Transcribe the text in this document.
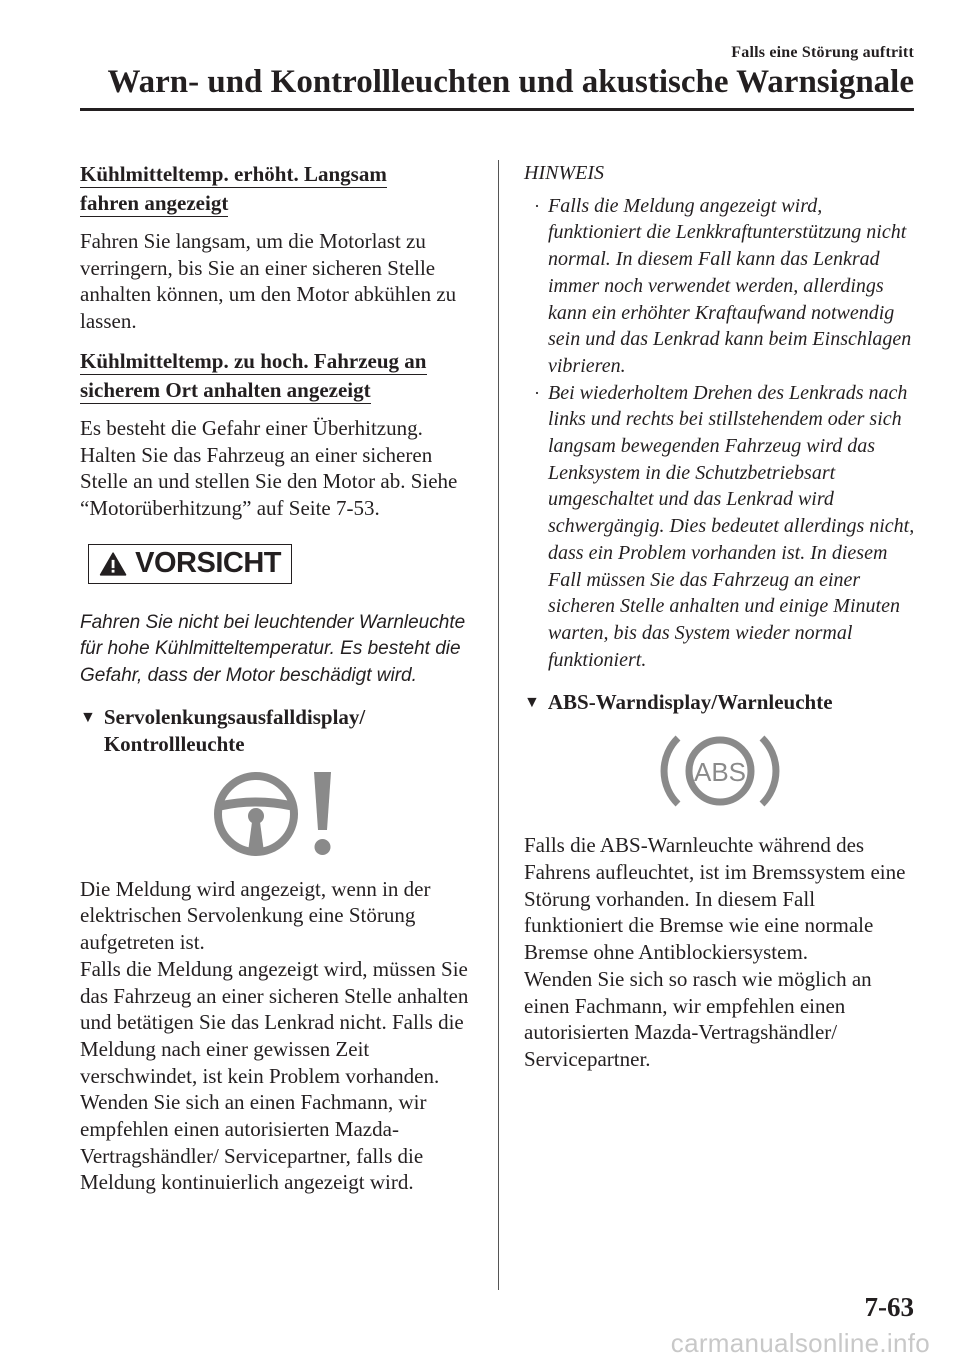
Falls eine Störung auftritt
Warn- und Kontrollleuchten und akustische Warnsignale
Kühlmitteltemp. erhöht. Langsam
fahren angezeigt

Fahren Sie langsam, um die Motorlast zu verringern, bis Sie an einer sicheren Stelle anhalten können, um den Motor abkühlen zu lassen.

Kühlmitteltemp. zu hoch. Fahrzeug an
sicherem Ort anhalten angezeigt

Es besteht die Gefahr einer Überhitzung. Halten Sie das Fahrzeug an einer sicheren Stelle an und stellen Sie den Motor ab. Siehe “Motorüberhitzung” auf Seite 7-53.

VORSICHT

Fahren Sie nicht bei leuchtender Warnleuchte für hohe Kühlmitteltemperatur. Es besteht die Gefahr, dass der Motor beschädigt wird.

▼ Servolenkungsausfalldisplay/
Kontrollleuchte

Die Meldung wird angezeigt, wenn in der elektrischen Servolenkung eine Störung aufgetreten ist.

Falls die Meldung angezeigt wird, müssen Sie das Fahrzeug an einer sicheren Stelle anhalten und betätigen Sie das Lenkrad nicht. Falls die Meldung nach einer gewissen Zeit verschwindet, ist kein Problem vorhanden. Wenden Sie sich an einen Fachmann, wir empfehlen einen autorisierten Mazda-Vertragshändler/ Servicepartner, falls die Meldung kontinuierlich angezeigt wird.

HINWEIS
· Falls die Meldung angezeigt wird, funktioniert die Lenkkraftunterstützung nicht normal. In diesem Fall kann das Lenkrad immer noch verwendet werden, allerdings kann ein erhöhter Kraftaufwand notwendig sein und das Lenkrad kann beim Einschlagen vibrieren.
· Bei wiederholtem Drehen des Lenkrads nach links und rechts bei stillstehendem oder sich langsam bewegenden Fahrzeug wird das Lenksystem in die Schutzbetriebsart umgeschaltet und das Lenkrad wird schwergängig. Dies bedeutet allerdings nicht, dass ein Problem vorhanden ist. In diesem Fall müssen Sie das Fahrzeug an einer sicheren Stelle anhalten und einige Minuten warten, bis das System wieder normal funktioniert.
▼ ABS-Warndisplay/Warnleuchte
ABS

Falls die ABS-Warnleuchte während des Fahrens aufleuchtet, ist im Bremssystem eine Störung vorhanden. In diesem Fall funktioniert die Bremse wie eine normale Bremse ohne Antiblockiersystem.

Wenden Sie sich so rasch wie möglich an einen Fachmann, wir empfehlen einen autorisierten Mazda-Vertragshändler/ Servicepartner.

7-63
carmanualsonline.info
